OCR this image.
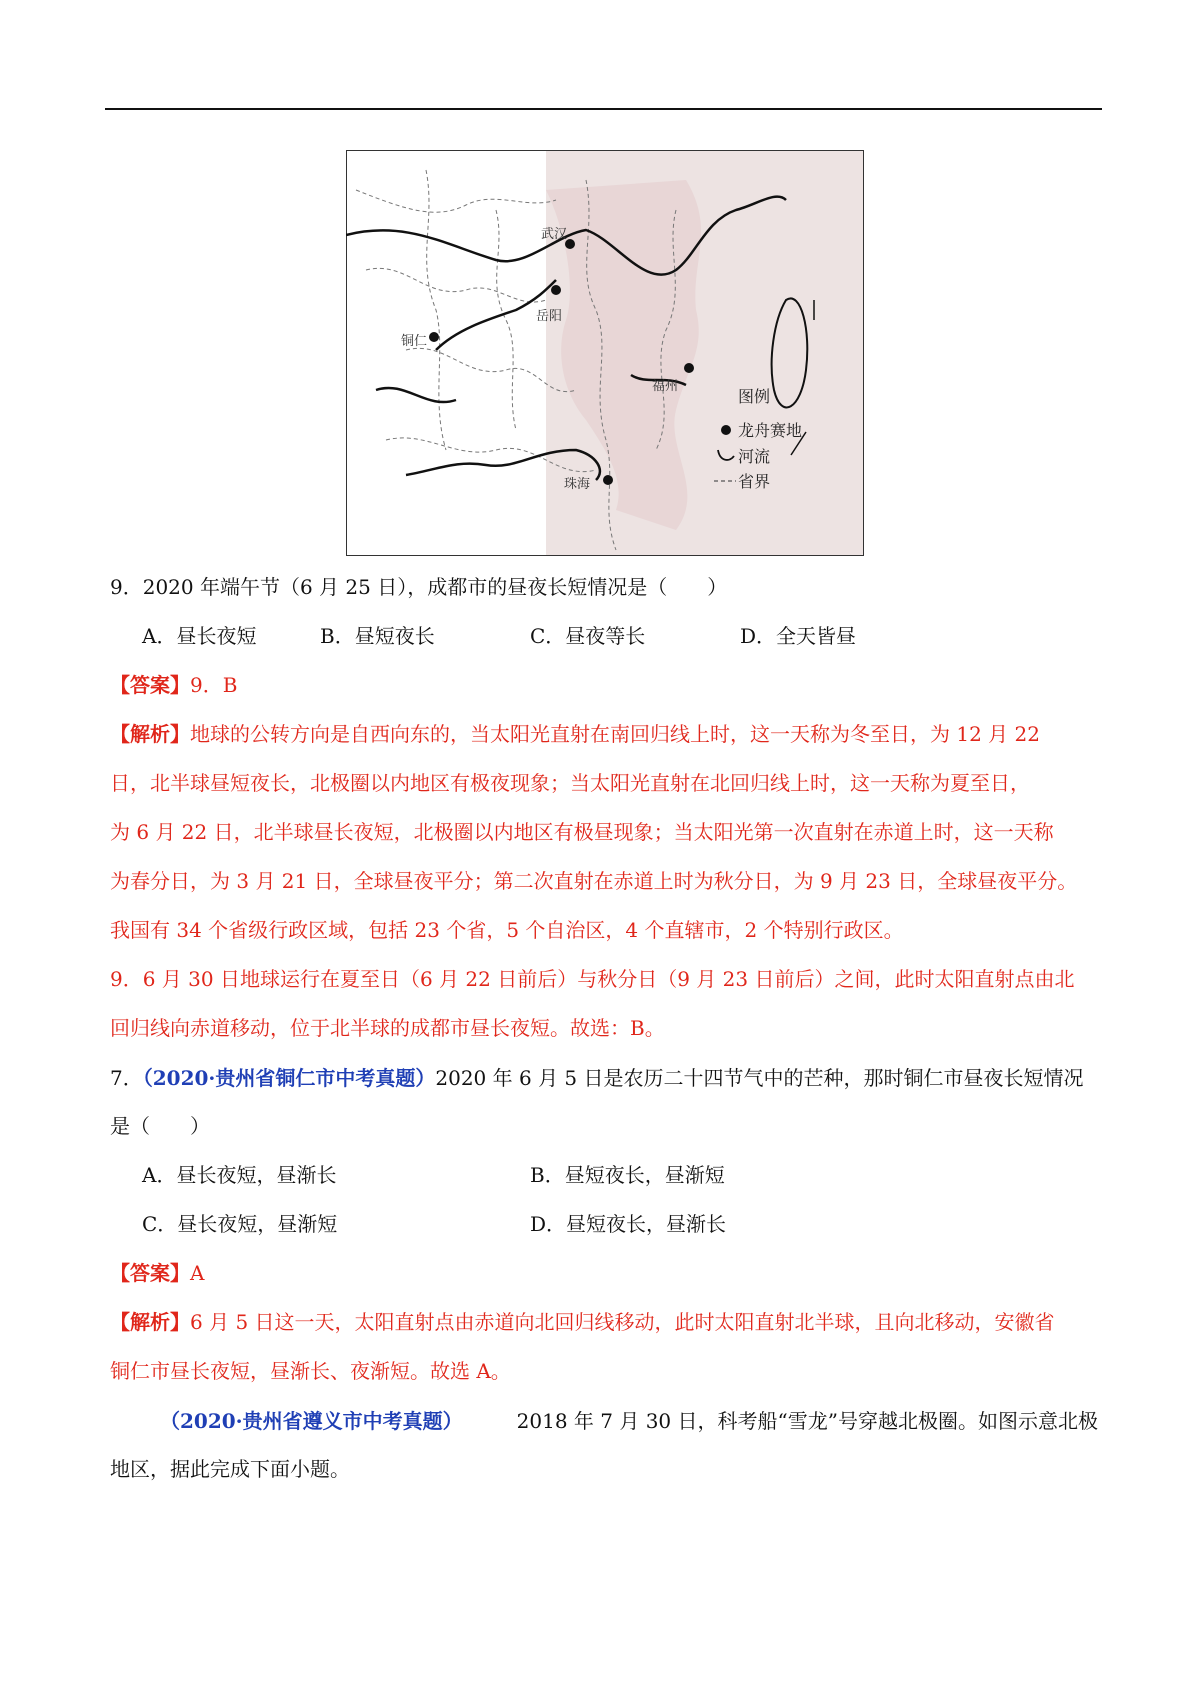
武汉
岳阳
铜仁
福州
珠海
图例
龙舟赛地
河流
省界
9．2020 年端午节（6 月 25 日），成都市的昼夜长短情况是（　　）
A．昼长夜短	B．昼短夜长	C．昼夜等长	D．全天皆昼
【答案】9．B
【解析】地球的公转方向是自西向东的，当太阳光直射在南回归线上时，这一天称为冬至日，为 12 月 22
日，北半球昼短夜长，北极圈以内地区有极夜现象；当太阳光直射在北回归线上时，这一天称为夏至日，
为 6 月 22 日，北半球昼长夜短，北极圈以内地区有极昼现象；当太阳光第一次直射在赤道上时，这一天称
为春分日，为 3 月 21 日，全球昼夜平分；第二次直射在赤道上时为秋分日，为 9 月 23 日，全球昼夜平分。
我国有 34 个省级行政区域，包括 23 个省，5 个自治区，4 个直辖市，2 个特别行政区。
9．6 月 30 日地球运行在夏至日（6 月 22 日前后）与秋分日（9 月 23 日前后）之间，此时太阳直射点由北
回归线向赤道移动，位于北半球的成都市昼长夜短。故选：B。
7．（2020·贵州省铜仁市中考真题）2020 年 6 月 5 日是农历二十四节气中的芒种，那时铜仁市昼夜长短情况
是（　　）
A．昼长夜短，昼渐长	B．昼短夜长，昼渐短
C．昼长夜短，昼渐短	D．昼短夜长，昼渐长
【答案】A
【解析】6 月 5 日这一天，太阳直射点由赤道向北回归线移动，此时太阳直射北半球，且向北移动，安徽省
铜仁市昼长夜短，昼渐长、夜渐短。故选 A。
（2020·贵州省遵义市中考真题）	2018 年 7 月 30 日，科考船“雪龙”号穿越北极圈。如图示意北极
地区，据此完成下面小题。
